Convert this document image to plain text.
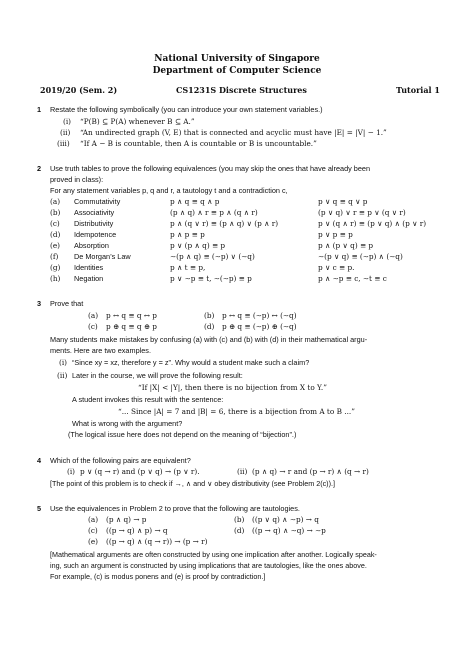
National University of Singapore
Department of Computer Science
2019/20 (Sem. 2)	CS1231S Discrete Structures	Tutorial 1
1 Restate the following symbolically (you can introduce your own statement variables.)
(i) “P(B) ⊆ P(A) whenever B ⊆ A.”
(ii) “An undirected graph (V, E) that is connected and acyclic must have |E| = |V| − 1.”
(iii) “If A − B is countable, then A is countable or B is uncountable.”
2 Use truth tables to prove the following equivalences (you may skip the ones that have already been
proved in class):
For any statement variables p, q and r, a tautology t and a contradiction c,
(a) Commutativity	p ∧ q ≡ q ∧ p	p ∨ q ≡ q ∨ p
(b) Associativity	(p ∧ q) ∧ r ≡ p ∧ (q ∧ r)	(p ∨ q) ∨ r ≡ p ∨ (q ∨ r)
(c) Distributivity	p ∧ (q ∨ r) ≡ (p ∧ q) ∨ (p ∧ r)	p ∨ (q ∧ r) ≡ (p ∨ q) ∧ (p ∨ r)
(d) Idempotence	p ∧ p ≡ p	p ∨ p ≡ p
(e) Absorption	p ∨ (p ∧ q) ≡ p	p ∧ (p ∨ q) ≡ p
(f) De Morgan’s Law	∼(p ∧ q) ≡ (∼p) ∨ (∼q)	∼(p ∨ q) ≡ (∼p) ∧ (∼q)
(g) Identities	p ∧ t ≡ p,	p ∨ c ≡ p.
(h) Negation	p ∨ ∼p ≡ t, ∼(∼p) ≡ p	p ∧ ∼p ≡ c, ∼t ≡ c
3 Prove that
(a) p ↔ q ≡ q ↔ p	(b) p ↔ q ≡ (∼p) ↔ (∼q)
(c) p ⊕ q ≡ q ⊕ p	(d) p ⊕ q ≡ (∼p) ⊕ (∼q)
Many students make mistakes by confusing (a) with (c) and (b) with (d) in their mathematical argu-
ments. Here are two examples.
(i) “Since xy = xz, therefore y = z”. Why would a student make such a claim?
(ii) Later in the course, we will prove the following result:
“If |X| < |Y|, then there is no bijection from X to Y.”
A student invokes this result with the sentence:
“... Since |A| = 7 and |B| = 6, there is a bijection from A to B ...”
What is wrong with the argument?
(The logical issue here does not depend on the meaning of “bijection”.)
4 Which of the following pairs are equivalent?
(i) p ∨ (q → r) and (p ∨ q) → (p ∨ r).	(ii) (p ∧ q) → r and (p → r) ∧ (q → r)
[The point of this problem is to check if →, ∧ and ∨ obey distributivity (see Problem 2(c)).]
5 Use the equivalences in Problem 2 to prove that the following are tautologies.
(a) (p ∧ q) → p	(b) ((p ∨ q) ∧ ∼p) → q
(c) ((p → q) ∧ p) → q	(d) ((p → q) ∧ ∼q) → ∼p
(e) ((p → q) ∧ (q → r)) → (p → r)
[Mathematical arguments are often constructed by using one implication after another. Logically speak-
ing, such an argument is constructed by using implications that are tautologies, like the ones above.
For example, (c) is modus ponens and (e) is proof by contradiction.]
